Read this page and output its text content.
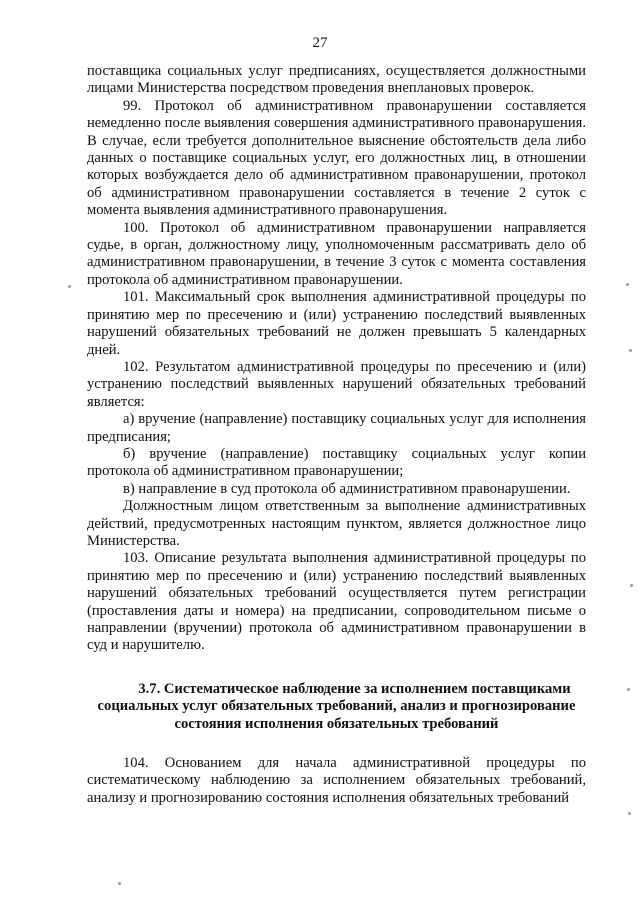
27

поставщика социальных услуг предписаниях, осуществляется должностными лицами Министерства посредством проведения внеплановых проверок.

99. Протокол об административном правонарушении составляется немедленно после выявления совершения административного правонарушения. В случае, если требуется дополнительное выяснение обстоятельств дела либо данных о поставщике социальных услуг, его должностных лиц, в отношении которых возбуждается дело об административном правонарушении, протокол об административном правонарушении составляется в течение 2 суток с момента выявления административного правонарушения.

100. Протокол об административном правонарушении направляется судье, в орган, должностному лицу, уполномоченным рассматривать дело об административном правонарушении, в течение 3 суток с момента составления протокола об административном правонарушении.

101. Максимальный срок выполнения административной процедуры по принятию мер по пресечению и (или) устранению последствий выявленных нарушений обязательных требований не должен превышать 5 календарных дней.

102. Результатом административной процедуры по пресечению и (или) устранению последствий выявленных нарушений обязательных требований является:

а) вручение (направление) поставщику социальных услуг для исполнения предписания;

б) вручение (направление) поставщику социальных услуг копии протокола об административном правонарушении;

в) направление в суд протокола об административном правонарушении.

Должностным лицом ответственным за выполнение административных действий, предусмотренных настоящим пунктом, является должностное лицо Министерства.

103. Описание результата выполнения административной процедуры по принятию мер по пресечению и (или) устранению последствий выявленных нарушений обязательных требований осуществляется путем регистрации (проставления даты и номера) на предписании, сопроводительном письме о направлении (вручении) протокола об административном правонарушении в суд и нарушителю.

3.7. Систематическое наблюдение за исполнением поставщиками
социальных услуг обязательных требований, анализ и прогнозирование
состояния исполнения обязательных требований

104. Основанием для начала административной процедуры по систематическому наблюдению за исполнением обязательных требований, анализу и прогнозированию состояния исполнения обязательных требований
